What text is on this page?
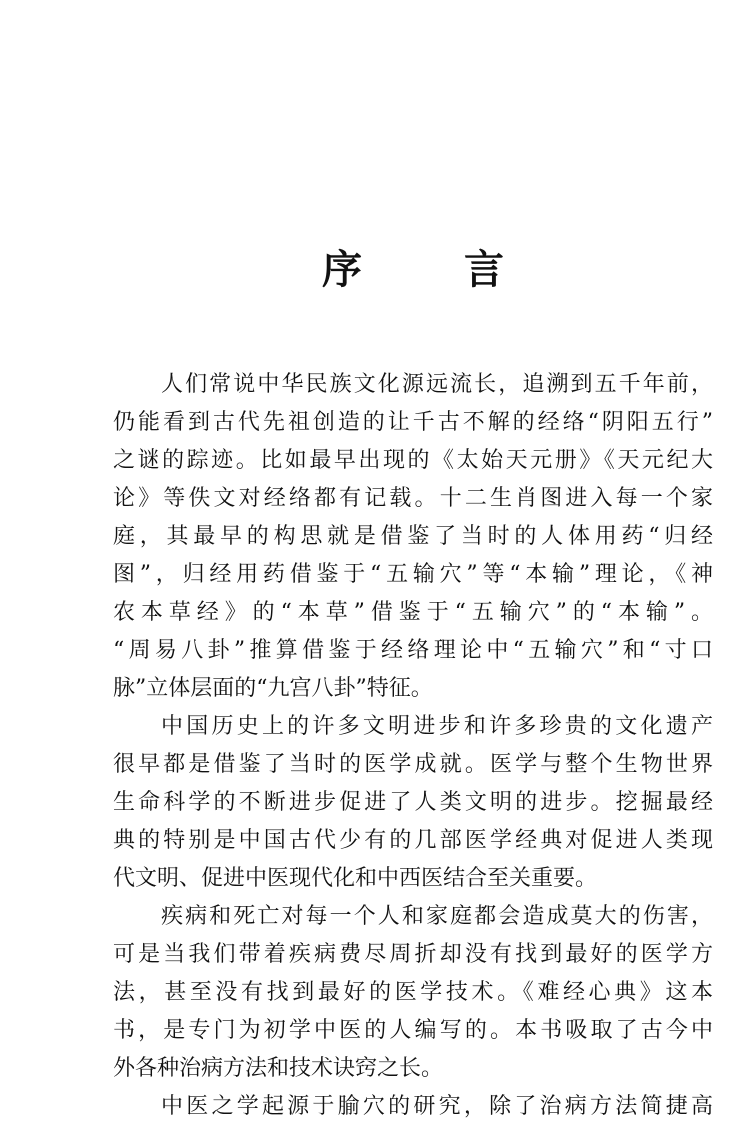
序	言
人们常说中华民族文化源远流长，追溯到五千年前，
仍能看到古代先祖创造的让千古不解的经络“阴阳五行”
之谜的踪迹。比如最早出现的《太始天元册》《天元纪大
论》等佚文对经络都有记载。十二生肖图进入每一个家
庭，其最早的构思就是借鉴了当时的人体用药“归经
图”，归经用药借鉴于“五输穴”等“本输”理论，《神
农本草经》的“本草”借鉴于“五输穴”的“本输”。
“周易八卦”推算借鉴于经络理论中“五输穴”和“寸口
脉”立体层面的“九宫八卦”特征。
中国历史上的许多文明进步和许多珍贵的文化遗产
很早都是借鉴了当时的医学成就。医学与整个生物世界
生命科学的不断进步促进了人类文明的进步。挖掘最经
典的特别是中国古代少有的几部医学经典对促进人类现
代文明、促进中医现代化和中西医结合至关重要。
疾病和死亡对每一个人和家庭都会造成莫大的伤害，
可是当我们带着疾病费尽周折却没有找到最好的医学方
法，甚至没有找到最好的医学技术。《难经心典》这本
书，是专门为初学中医的人编写的。本书吸取了古今中
外各种治病方法和技术诀窍之长。
中医之学起源于腧穴的研究，除了治病方法简捷高
